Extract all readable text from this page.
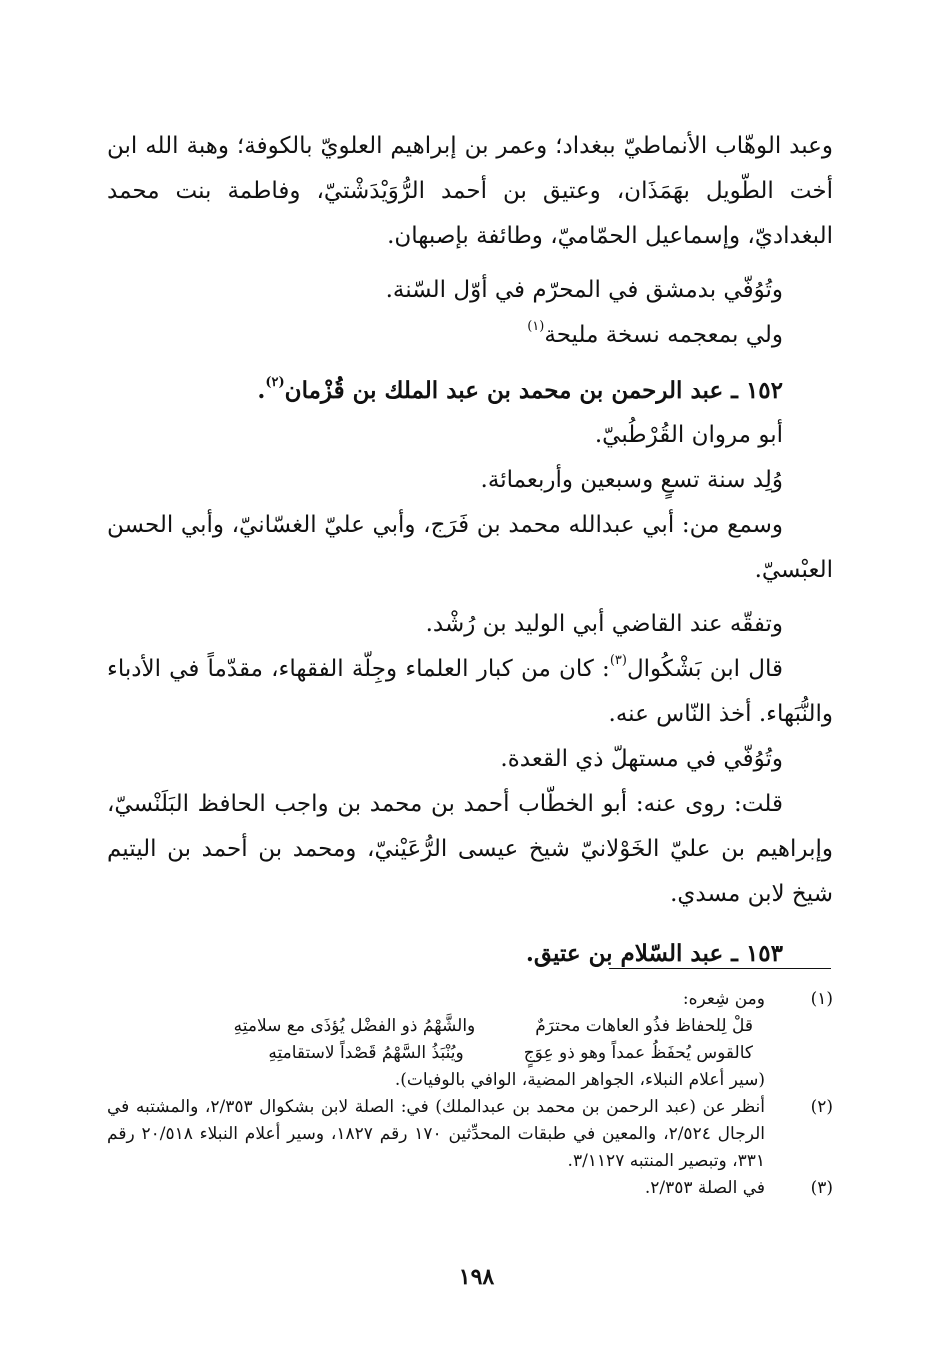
وعبد الوهّاب الأنماطيّ ببغداد؛ وعمر بن إبراهيم العلويّ بالكوفة؛ وهبة الله ابن أخت الطّويل بهَمَذَان، وعتيق بن أحمد الرُّوَيْدَشْتيّ، وفاطمة بنت محمد البغداديّ، وإسماعيل الحمّاميّ، وطائفة بإصبهان.

وتُوُفّي بدمشق في المحرّم في أوّل السّنة.

ولي بمعجمه نسخة مليحة$^{(١)}$

١٥٢ ـ عبد الرحمن بن محمد بن عبد الملك بن قُزْمان$^{(٢)}$.

أبو مروان القُرْطُبيّ.

وُلِد سنة تسعٍ وسبعين وأربعمائة.

وسمع من: أبي عبدالله محمد بن فَرَج، وأبي عليّ الغسّانيّ، وأبي الحسن العبْسيّ.

وتفقّه عند القاضي أبي الوليد بن رُشْد.

قال ابن بَشْكُوال$^{(٣)}$: كان من كبار العلماء وجِلّة الفقهاء، مقدّماً في الأدباء والنُّبَهاء. أخذ النّاس عنه.

وتُوُفّي في مستهلّ ذي القعدة.

قلت: روى عنه: أبو الخطّاب أحمد بن محمد بن واجب الحافظ البَلَنْسيّ، وإبراهيم بن عليّ الخَوْلانيّ شيخ عيسى الرُّعَيْنيّ، ومحمد بن أحمد بن اليتيم شيخ لابن مسدي.

١٥٣ ـ عبد السّلام بن عتيق.

(١)
ومن شِعره:
قلْ لِلحفاظ فذُو العاهات محترَمٌ
والشَّهْمُ ذو الفضْل يُؤذَى مع سلامتِهِ
كالقوس يُحفَظُ عمداً وهو ذو عِوَجٍ
ويُنْبَذُ السَّهْمُ قَصْداً لاستقامتِهِ
(سير أعلام النبلاء، الجواهر المضية، الوافي بالوفيات).
(٢)
أنظر عن (عبد الرحمن بن محمد بن عبدالملك) في: الصلة لابن بشكوال ٢/٣٥٣، والمشتبه في الرجال ٢/٥٢٤، والمعين في طبقات المحدِّثين ١٧٠ رقم ١٨٢٧، وسير أعلام النبلاء ٢٠/٥١٨ رقم ٣٣١، وتبصير المنتبه ٣/١١٢٧.
(٣)
في الصلة ٢/٣٥٣.
١٩٨
